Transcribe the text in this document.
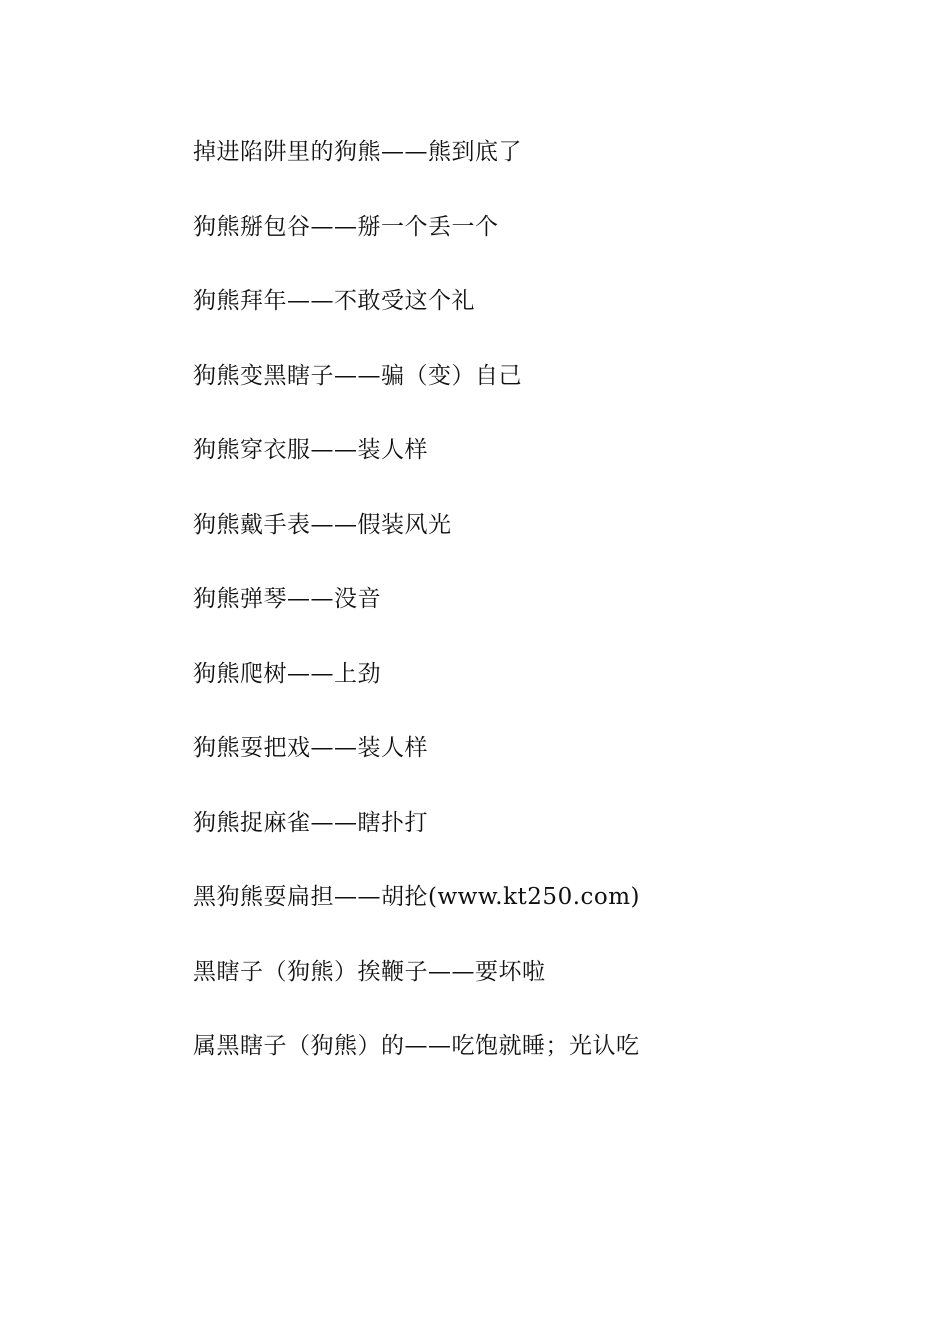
掉进陷阱里的狗熊——熊到底了
狗熊掰包谷——掰一个丢一个
狗熊拜年——不敢受这个礼
狗熊变黑瞎子——骗（变）自己
狗熊穿衣服——装人样
狗熊戴手表——假装风光
狗熊弹琴——没音
狗熊爬树——上劲
狗熊耍把戏——装人样
狗熊捉麻雀——瞎扑打
黑狗熊耍扁担——胡抡(www.kt250.com)
黑瞎子（狗熊）挨鞭子——要坏啦
属黑瞎子（狗熊）的——吃饱就睡；光认吃
